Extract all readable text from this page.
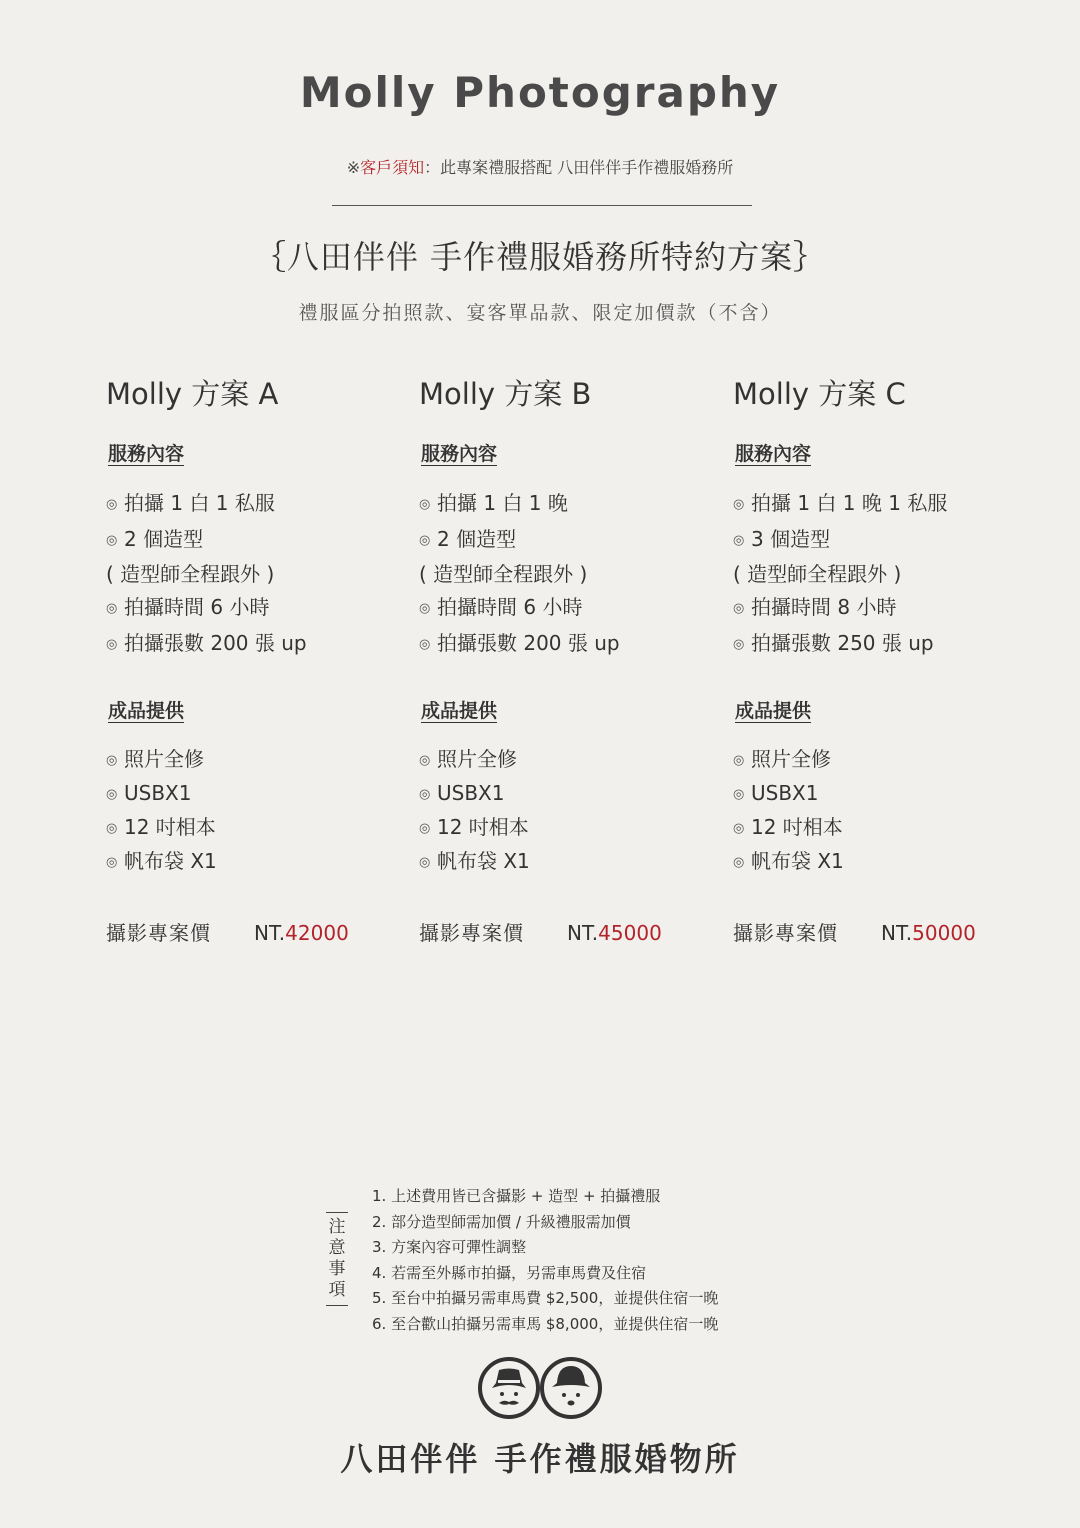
Molly Photography
※客戶須知：此專案禮服搭配 八田伴伴手作禮服婚務所
｛八田伴伴 手作禮服婚務所特約方案｝
禮服區分拍照款、宴客單品款、限定加價款（不含）
Molly 方案 A
服務內容
◎ 拍攝 1 白 1 私服
◎ 2 個造型
( 造型師全程跟外 )
◎ 拍攝時間 6 小時
◎ 拍攝張數 200 張 up
成品提供
◎ 照片全修
◎ USBX1
◎ 12 吋相本
◎ 帆布袋 X1
攝影專案價 NT.42000
Molly 方案 B
服務內容
◎ 拍攝 1 白 1 晚
◎ 2 個造型
( 造型師全程跟外 )
◎ 拍攝時間 6 小時
◎ 拍攝張數 200 張 up
成品提供
◎ 照片全修
◎ USBX1
◎ 12 吋相本
◎ 帆布袋 X1
攝影專案價 NT.45000
Molly 方案 C
服務內容
◎ 拍攝 1 白 1 晚 1 私服
◎ 3 個造型
( 造型師全程跟外 )
◎ 拍攝時間 8 小時
◎ 拍攝張數 250 張 up
成品提供
◎ 照片全修
◎ USBX1
◎ 12 吋相本
◎ 帆布袋 X1
攝影專案價 NT.50000
注
意
事
項
1. 上述費用皆已含攝影 + 造型 + 拍攝禮服
2. 部分造型師需加價 / 升級禮服需加價
3. 方案內容可彈性調整
4. 若需至外縣市拍攝，另需車馬費及住宿
5. 至台中拍攝另需車馬費 $2,500，並提供住宿一晚
6. 至合歡山拍攝另需車馬 $8,000，並提供住宿一晚
八田伴伴 手作禮服婚物所
